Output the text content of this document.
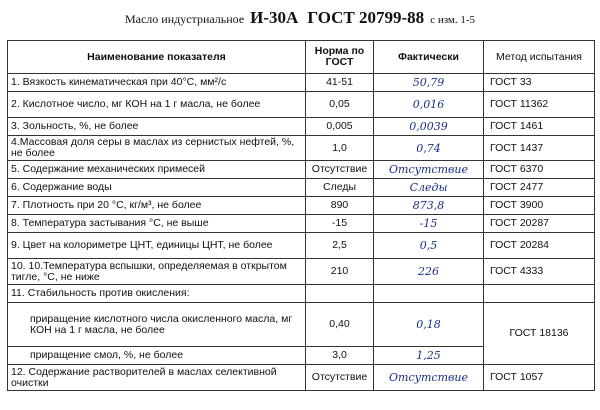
Масло индустриальное И-30А ГОСТ 20799-88 с изм. 1-5
Наименование показателя	Норма по ГОСТ	Фактически	Метод испытания
1. Вязкость кинематическая при 40°С, мм²/с	41-51	50,79	ГОСТ 33
2. Кислотное число, мг КОН на 1 г масла, не более	0,05	0,016	ГОСТ 11362
3. Зольность, %, не более	0,005	0,0039	ГОСТ 1461
4.Массовая доля серы в маслах из сернистых нефтей, %, не более	1,0	0,74	ГОСТ 1437
5. Содержание механических примесей	Отсутствие	Отсутствие	ГОСТ 6370
6. Содержание воды	Следы	Следы	ГОСТ 2477
7. Плотность при 20 °С, кг/м³, не более	890	873,8	ГОСТ 3900
8. Температура застывания °С, не выше	-15	-15	ГОСТ 20287
9. Цвет на колориметре ЦНТ, единицы ЦНТ, не более	2,5	0,5	ГОСТ 20284
10. 10.Температура вспышки, определяемая в открытом тигле, °С, не ниже	210	226	ГОСТ 4333
11. Стабильность против окисления:			
приращение кислотного числа окисленного масла, мг КОН на 1 г масла, не более	0,40	0,18	ГОСТ 18136
приращение смол, %, не более	3,0	1,25	
12. Содержание растворителей в маслах селективной очистки	Отсутствие	Отсутствие	ГОСТ 1057
